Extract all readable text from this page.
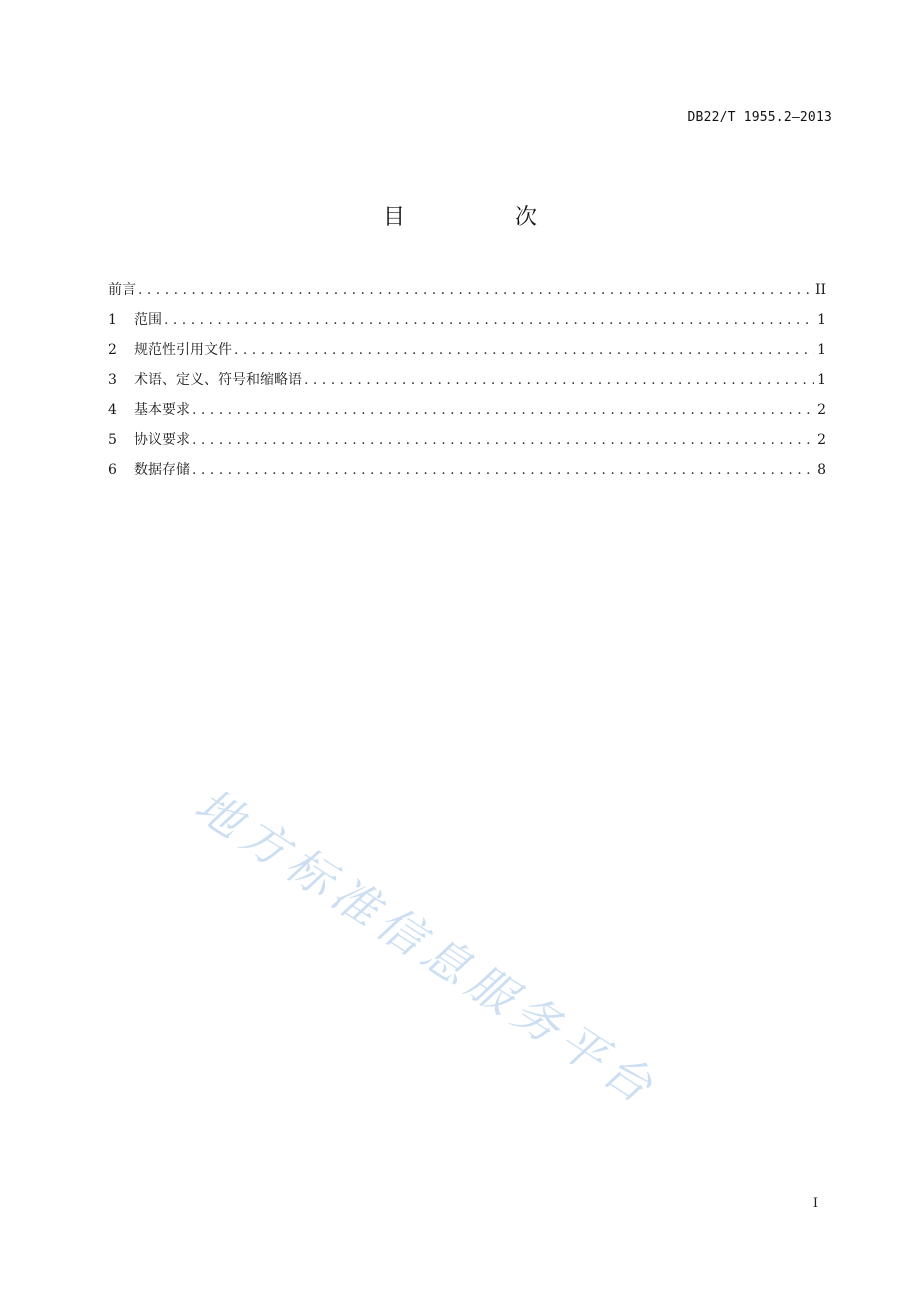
DB22/T 1955.2—2013
目　次
前言 . . .	II
1	范围 . . .	1
2	规范性引用文件 . . .	1
3	术语、定义、符号和缩略语 . . .	1
4	基本要求 . . .	2
5	协议要求 . . .	2
6	数据存储 . . .	8
地方标准信息服务平台
I
